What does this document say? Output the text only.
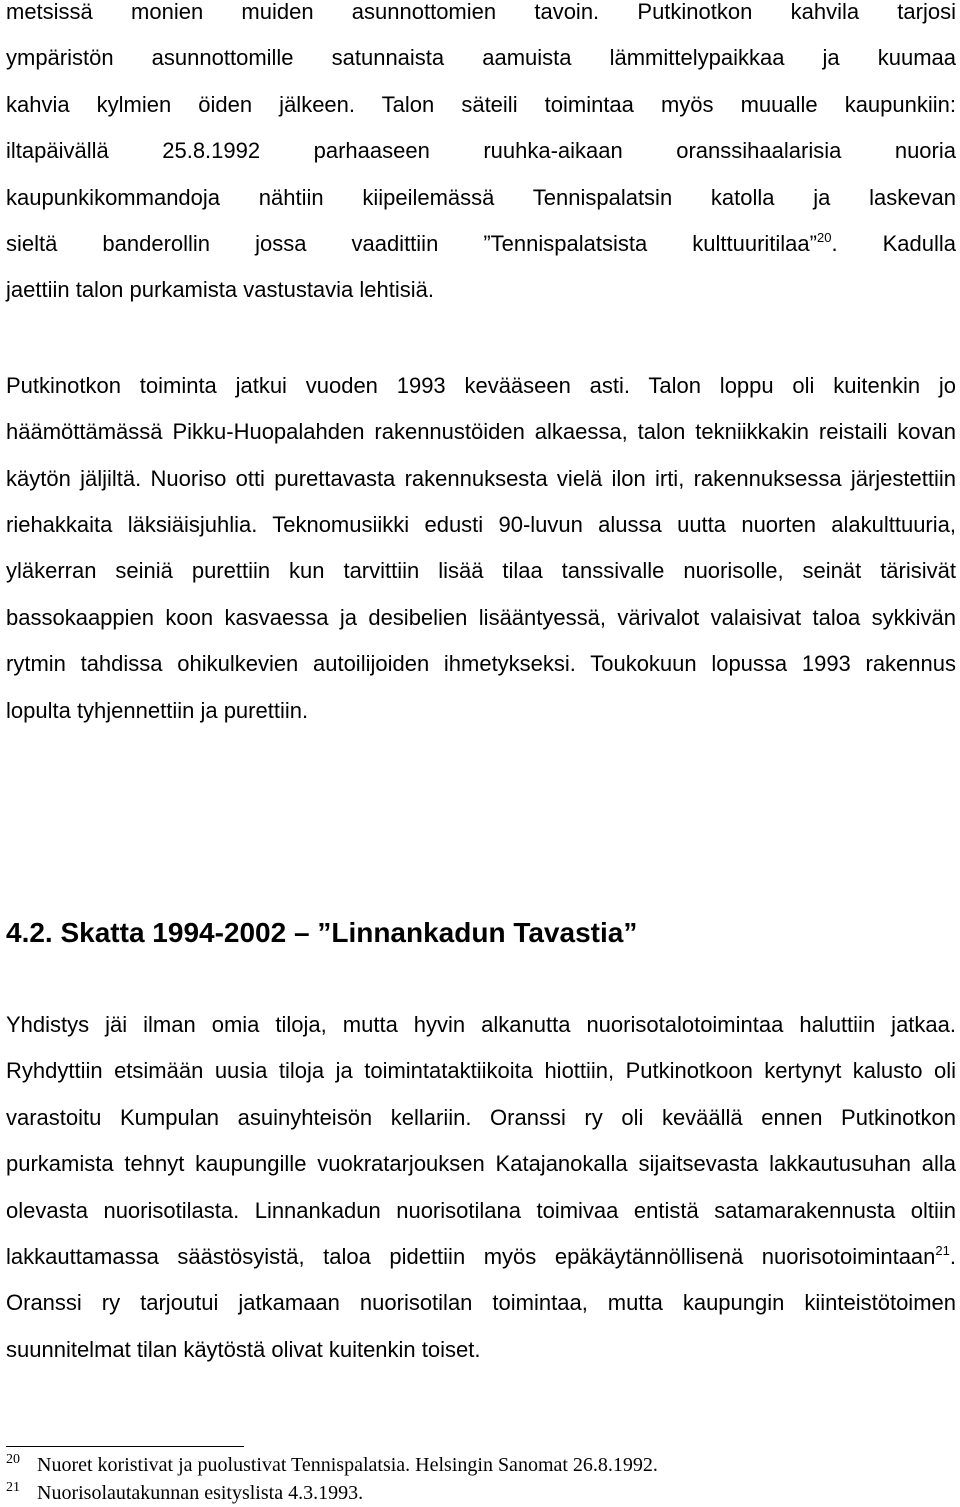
metsissä monien muiden asunnottomien tavoin. Putkinotkon kahvila tarjosi
ympäristön asunnottomille satunnaista aamuista lämmittelypaikkaa ja kuumaa
kahvia kylmien öiden jälkeen. Talon säteili toimintaa myös muualle kaupunkiin:
iltapäivällä 25.8.1992 parhaaseen ruuhka-aikaan oranssihaalarisia nuoria
kaupunkikommandoja nähtiin kiipeilemässä Tennispalatsin katolla ja laskevan
sieltä banderollin jossa vaadittiin ”Tennispalatsista kulttuuritilaa”$^{20}$. Kadulla
jaettiin talon purkamista vastustavia lehtisiä.

Putkinotkon toiminta jatkui vuoden 1993 kevääseen asti. Talon loppu oli kuitenkin jo häämöttämässä Pikku-Huopalahden rakennustöiden alkaessa, talon tekniikkakin reistaili kovan käytön jäljiltä. Nuoriso otti purettavasta rakennuksesta vielä ilon irti, rakennuksessa järjestettiin riehakkaita läksiäisjuhlia. Teknomusiikki edusti 90-luvun alussa uutta nuorten alakulttuuria, yläkerran seiniä purettiin kun tarvittiin lisää tilaa tanssivalle nuorisolle, seinät tärisivät bassokaappien koon kasvaessa ja desibelien lisääntyessä, värivalot valaisivat taloa sykkivän rytmin tahdissa ohikulkevien autoilijoiden ihmetykseksi. Toukokuun lopussa 1993 rakennus lopulta tyhjennettiin ja purettiin.

4.2. Skatta 1994-2002 – ”Linnankadun Tavastia”

Yhdistys jäi ilman omia tiloja, mutta hyvin alkanutta nuorisotalotoimintaa haluttiin jatkaa. Ryhdyttiin etsimään uusia tiloja ja toimintataktiikoita hiottiin, Putkinotkoon kertynyt kalusto oli varastoitu Kumpulan asuinyhteisön kellariin. Oranssi ry oli keväällä ennen Putkinotkon purkamista tehnyt kaupungille vuokratarjouksen Katajanokalla sijaitsevasta lakkautusuhan alla olevasta nuorisotilasta. Linnankadun nuorisotilana toimivaa entistä satamarakennusta oltiin lakkauttamassa säästösyistä, taloa pidettiin myös epäkäytännöllisenä nuorisotoimintaan$^{21}$. Oranssi ry tarjoutui jatkamaan nuorisotilan toimintaa, mutta kaupungin kiinteistötoimen suunnitelmat tilan käytöstä olivat kuitenkin toiset.

20 Nuoret koristivat ja puolustivat Tennispalatsia. Helsingin Sanomat 26.8.1992.
21 Nuorisolautakunnan esityslista 4.3.1993.
